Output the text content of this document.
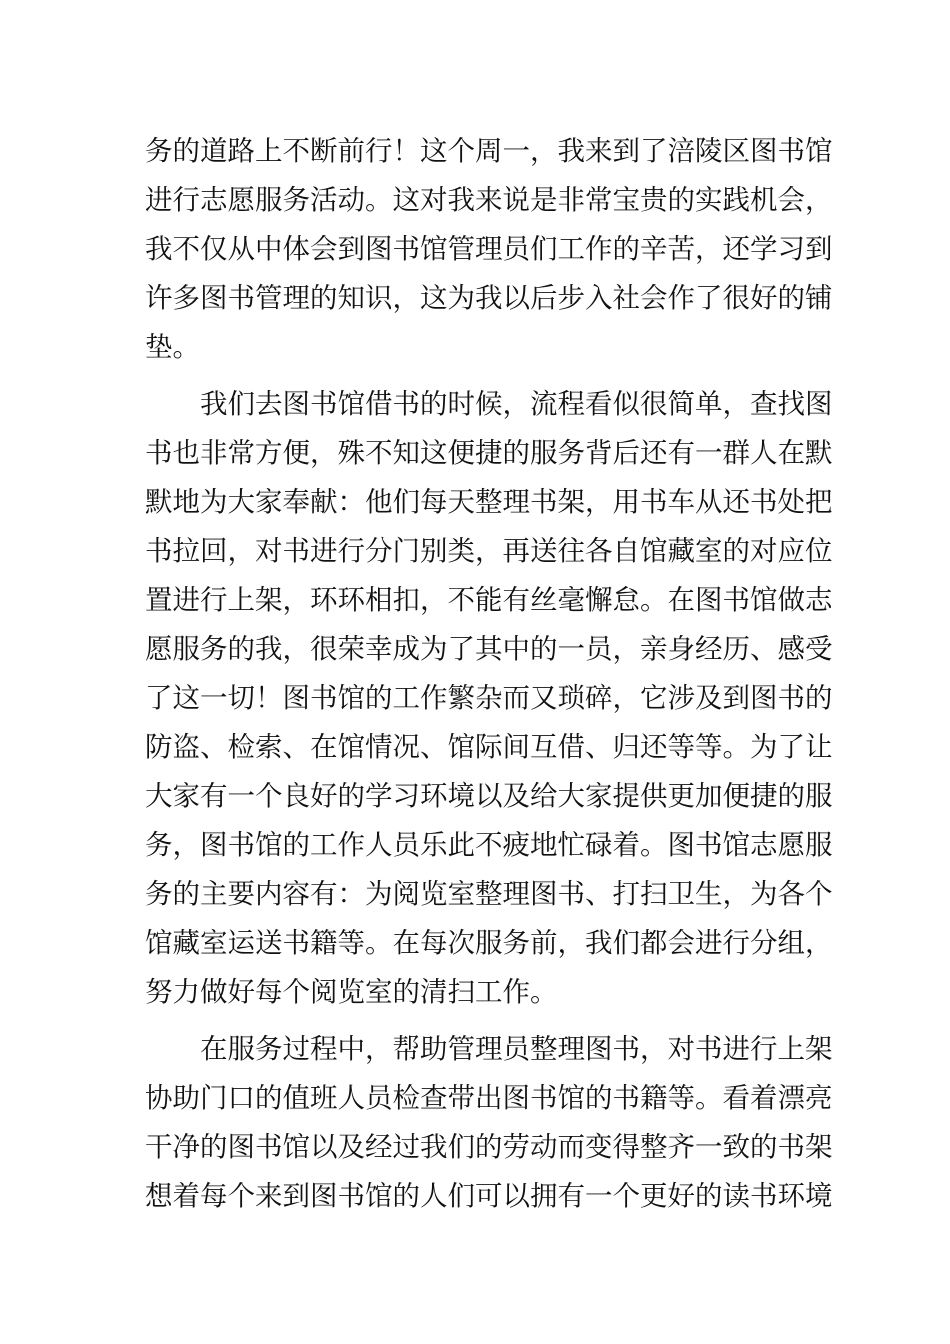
务的道路上不断前行！这个周一，我来到了涪陵区图书馆
进行志愿服务活动。这对我来说是非常宝贵的实践机会，
我不仅从中体会到图书馆管理员们工作的辛苦，还学习到
许多图书管理的知识，这为我以后步入社会作了很好的铺
垫。
我们去图书馆借书的时候，流程看似很简单，查找图
书也非常方便，殊不知这便捷的服务背后还有一群人在默
默地为大家奉献：他们每天整理书架，用书车从还书处把
书拉回，对书进行分门别类，再送往各自馆藏室的对应位
置进行上架，环环相扣，不能有丝毫懈怠。在图书馆做志
愿服务的我，很荣幸成为了其中的一员，亲身经历、感受
了这一切！图书馆的工作繁杂而又琐碎，它涉及到图书的
防盗、检索、在馆情况、馆际间互借、归还等等。为了让
大家有一个良好的学习环境以及给大家提供更加便捷的服
务，图书馆的工作人员乐此不疲地忙碌着。图书馆志愿服
务的主要内容有：为阅览室整理图书、打扫卫生，为各个
馆藏室运送书籍等。在每次服务前，我们都会进行分组，
努力做好每个阅览室的清扫工作。
在服务过程中，帮助管理员整理图书，对书进行上架
协助门口的值班人员检查带出图书馆的书籍等。看着漂亮
干净的图书馆以及经过我们的劳动而变得整齐一致的书架
想着每个来到图书馆的人们可以拥有一个更好的读书环境
